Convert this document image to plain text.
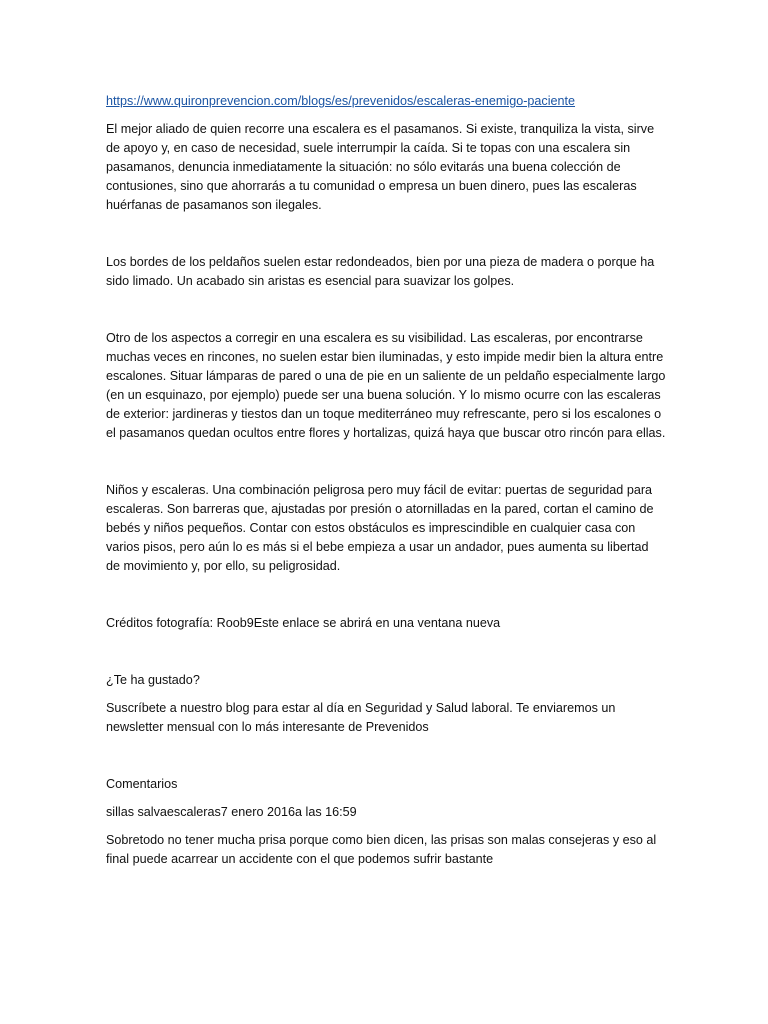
https://www.quironprevencion.com/blogs/es/prevenidos/escaleras-enemigo-paciente

El mejor aliado de quien recorre una escalera es el pasamanos. Si existe, tranquiliza la vista, sirve de apoyo y, en caso de necesidad, suele interrumpir la caída. Si te topas con una escalera sin pasamanos, denuncia inmediatamente la situación: no sólo evitarás una buena colección de contusiones, sino que ahorrarás a tu comunidad o empresa un buen dinero, pues las escaleras huérfanas de pasamanos son ilegales.

Los bordes de los peldaños suelen estar redondeados, bien por una pieza de madera o porque ha sido limado. Un acabado sin aristas es esencial para suavizar los golpes.

Otro de los aspectos a corregir en una escalera es su visibilidad. Las escaleras, por encontrarse muchas veces en rincones, no suelen estar bien iluminadas, y esto impide medir bien la altura entre escalones. Situar lámparas de pared o una de pie en un saliente de un peldaño especialmente largo (en un esquinazo, por ejemplo) puede ser una buena solución. Y lo mismo ocurre con las escaleras de exterior: jardineras y tiestos dan un toque mediterráneo muy refrescante, pero si los escalones o el pasamanos quedan ocultos entre flores y hortalizas, quizá haya que buscar otro rincón para ellas.

Niños y escaleras. Una combinación peligrosa pero muy fácil de evitar: puertas de seguridad para escaleras. Son barreras que, ajustadas por presión o atornilladas en la pared, cortan el camino de bebés y niños pequeños. Contar con estos obstáculos es imprescindible en cualquier casa con varios pisos, pero aún lo es más si el bebe empieza a usar un andador, pues aumenta su libertad de movimiento y, por ello, su peligrosidad.

Créditos fotografía: Roob9Este enlace se abrirá en una ventana nueva

¿Te ha gustado?

Suscríbete a nuestro blog para estar al día en Seguridad y Salud laboral. Te enviaremos un newsletter mensual con lo más interesante de Prevenidos

Comentarios

sillas salvaescaleras7 enero 2016a las 16:59

Sobretodo no tener mucha prisa porque como bien dicen, las prisas son malas consejeras y eso al final puede acarrear un accidente con el que podemos sufrir bastante
